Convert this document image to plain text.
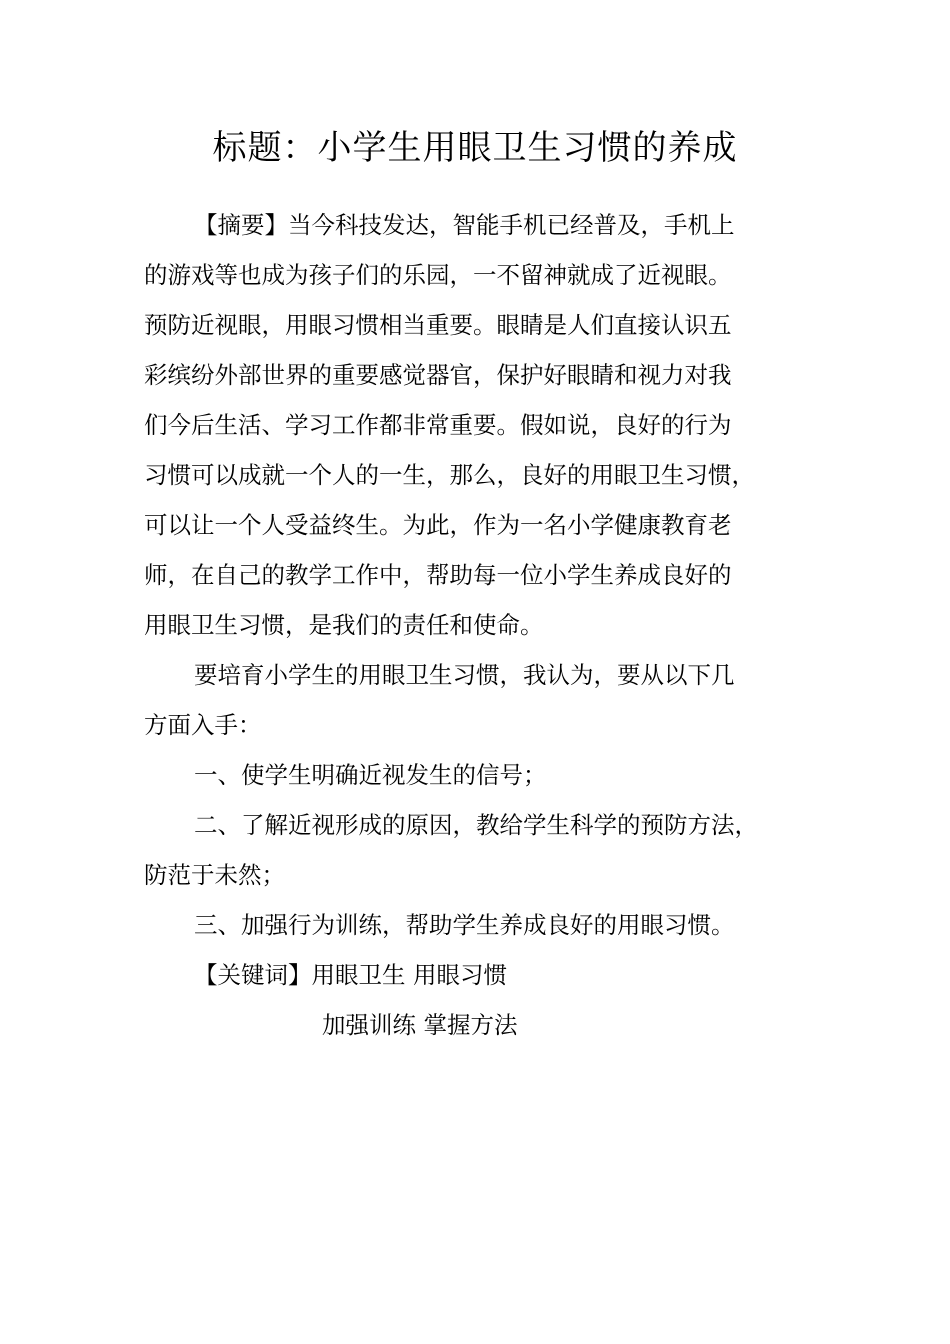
标题：小学生用眼卫生习惯的养成
【摘要】当今科技发达，智能手机已经普及，手机上
的游戏等也成为孩子们的乐园，一不留神就成了近视眼。
预防近视眼，用眼习惯相当重要。眼睛是人们直接认识五
彩缤纷外部世界的重要感觉器官，保护好眼睛和视力对我
们今后生活、学习工作都非常重要。假如说，良好的行为
习惯可以成就一个人的一生，那么，良好的用眼卫生习惯，
可以让一个人受益终生。为此，作为一名小学健康教育老
师，在自己的教学工作中，帮助每一位小学生养成良好的
用眼卫生习惯，是我们的责任和使命。
要培育小学生的用眼卫生习惯，我认为，要从以下几
方面入手：
一、使学生明确近视发生的信号；
二、了解近视形成的原因，教给学生科学的预防方法，
防范于未然；
三、加强行为训练，帮助学生养成良好的用眼习惯。
【关键词】用眼卫生 用眼习惯
加强训练 掌握方法
